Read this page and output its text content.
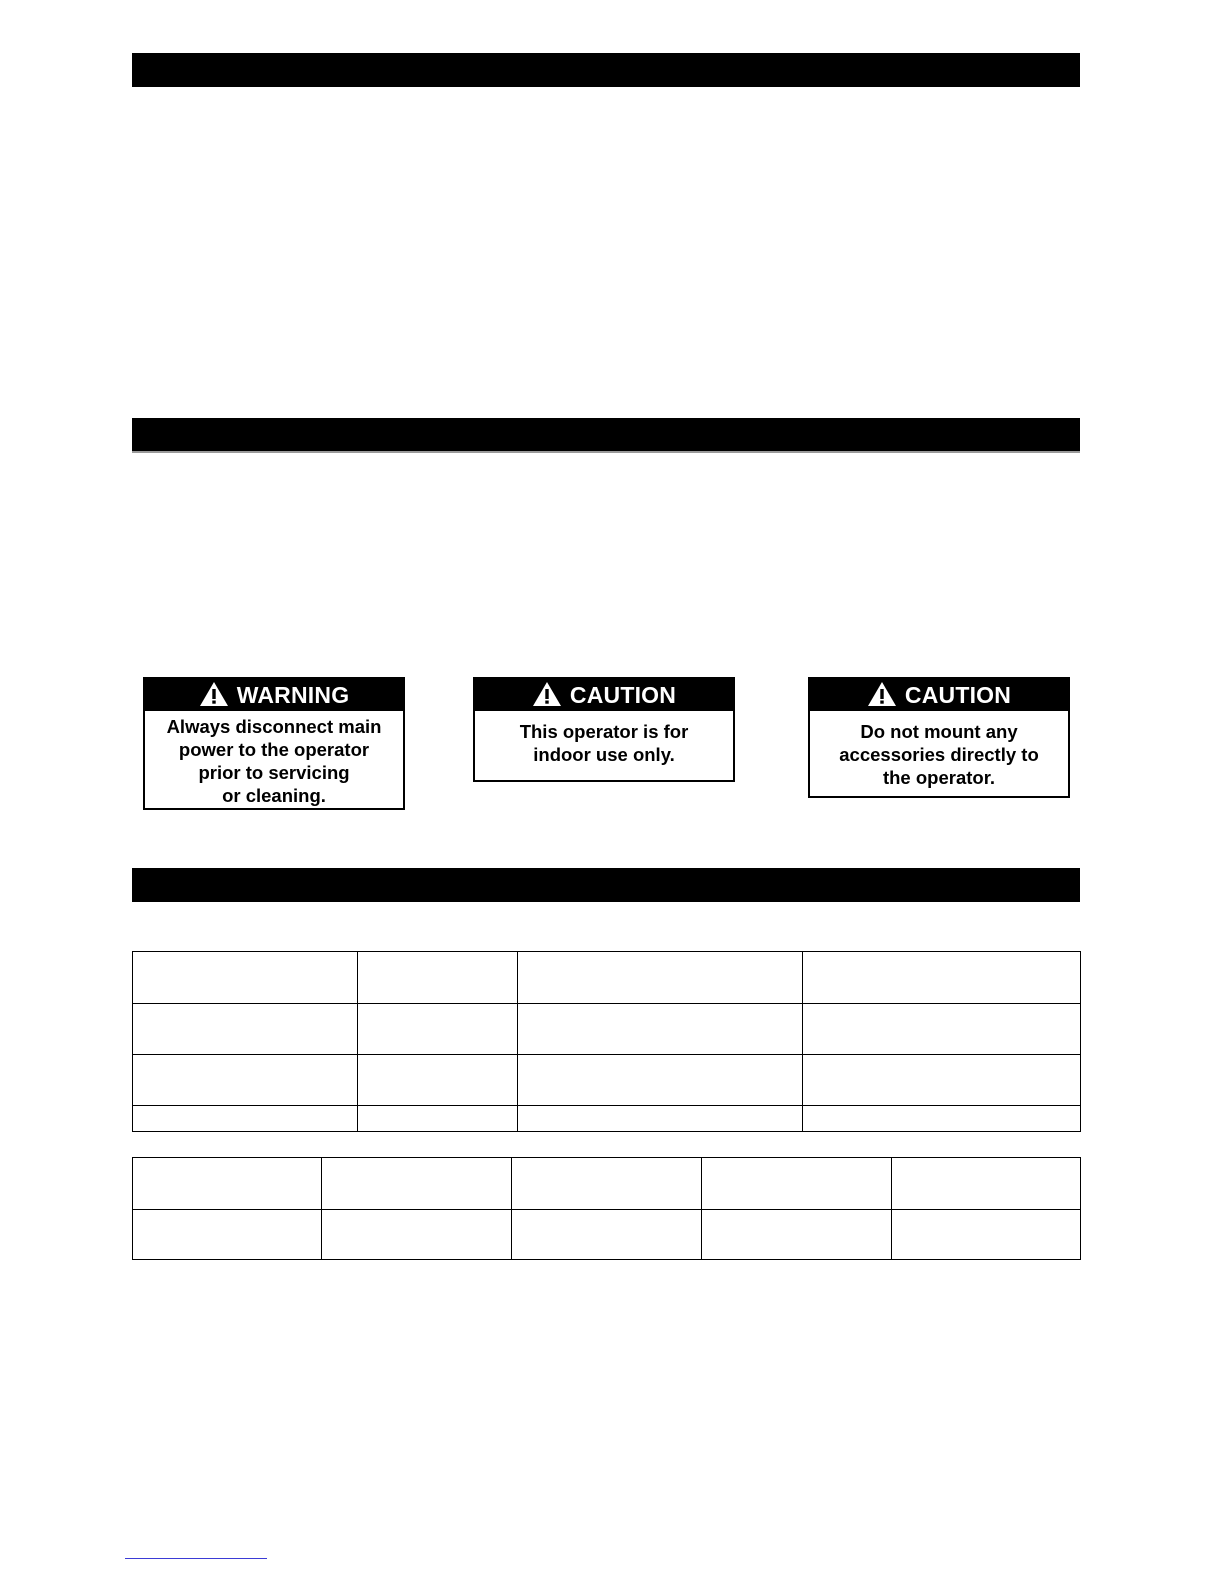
WARNING
Always disconnect main
power to the operator
prior to servicing
or cleaning.
CAUTION
This operator is for
indoor use only.
CAUTION
Do not mount any
accessories directly to
the operator.
